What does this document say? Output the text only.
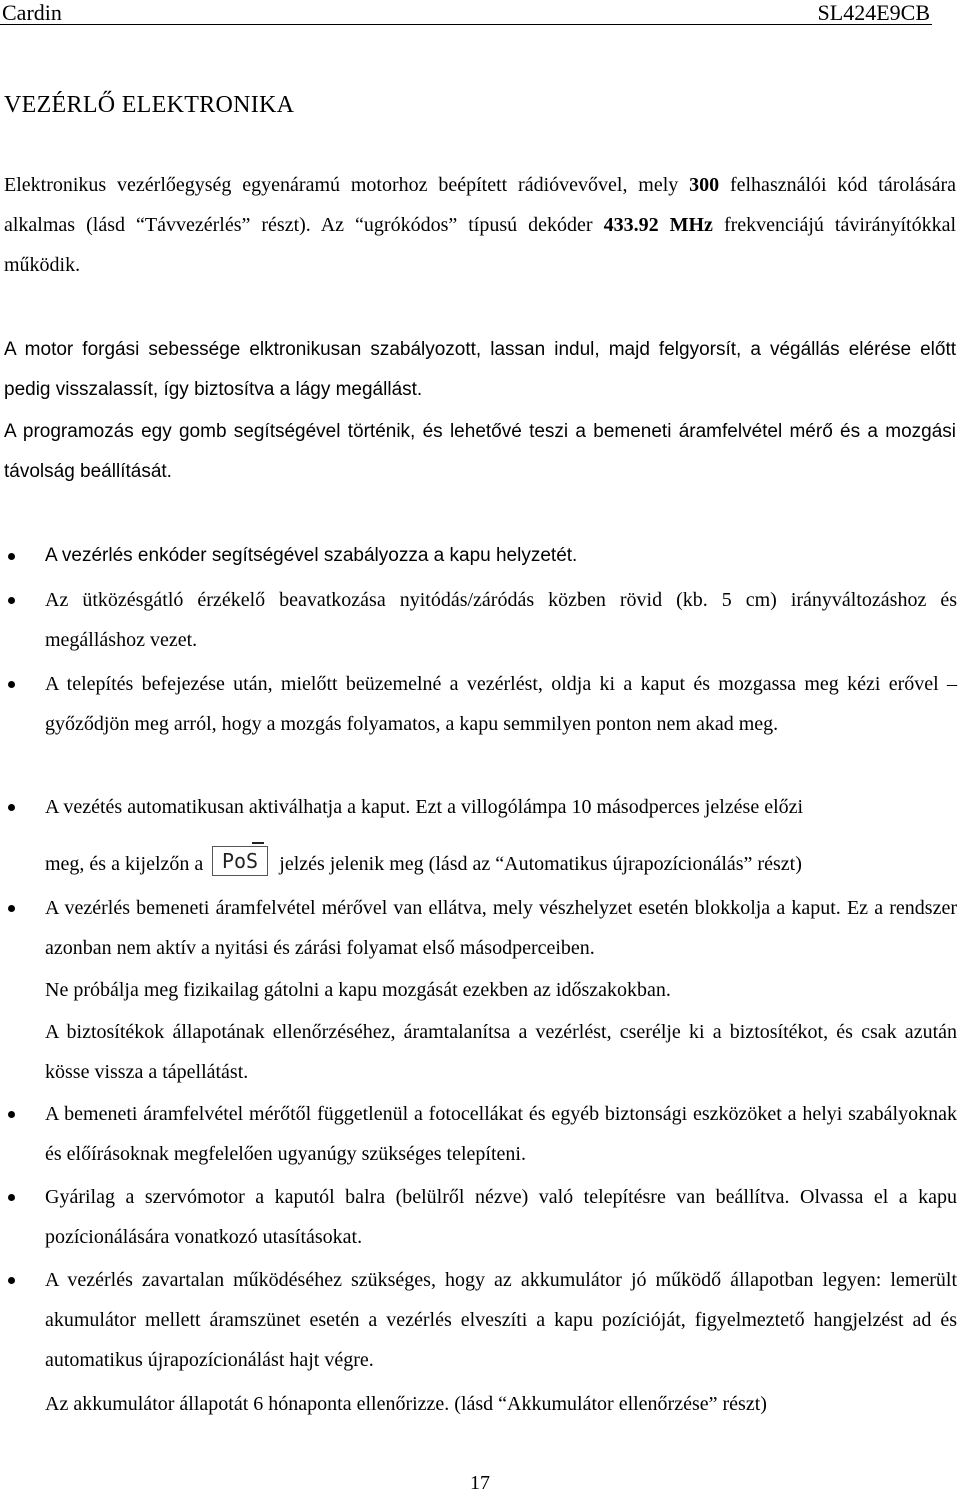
Cardin	SL424E9CB
VEZÉRLŐ ELEKTRONIKA

Elektronikus vezérlőegység egyenáramú motorhoz beépített rádióvevővel, mely 300 felhasználói kód tárolására alkalmas (lásd “Távvezérlés” részt). Az “ugrókódos” típusú dekóder 433.92 MHz frekvenciájú távirányítókkal működik.

A motor forgási sebessége elktronikusan szabályozott, lassan indul, majd felgyorsít, a végállás elérése előtt pedig visszalassít, így biztosítva a lágy megállást.

A programozás egy gomb segítségével történik, és lehetővé teszi a bemeneti áramfelvétel mérő és a mozgási távolság beállítását.

A vezérlés enkóder segítségével szabályozza a kapu helyzetét.
Az ütközésgátló érzékelő beavatkozása nyitódás/záródás közben rövid (kb. 5 cm) irányváltozáshoz és megálláshoz vezet.
A telepítés befejezése után, mielőtt beüzemelné a vezérlést, oldja ki a kaput és mozgassa meg kézi erővel – győződjön meg arról, hogy a mozgás folyamatos, a kapu semmilyen ponton nem akad meg.
A vezétés automatikusan aktiválhatja a kaput. Ezt a villogólámpa 10 másodperces jelzése előzi
meg, és a kijelzőn a PoS jelzés jelenik meg (lásd az “Automatikus újrapozícionálás” részt)
A vezérlés bemeneti áramfelvétel mérővel van ellátva, mely vészhelyzet esetén blokkolja a kaput. Ez a rendszer azonban nem aktív a nyitási és zárási folyamat első másodperceiben.
Ne próbálja meg fizikailag gátolni a kapu mozgását ezekben az időszakokban.
A biztosítékok állapotának ellenőrzéséhez, áramtalanítsa a vezérlést, cserélje ki a biztosítékot, és csak azután kösse vissza a tápellátást.
A bemeneti áramfelvétel mérőtől függetlenül a fotocellákat és egyéb biztonsági eszközöket a helyi szabályoknak és előírásoknak megfelelően ugyanúgy szükséges telepíteni.
Gyárilag a szervómotor a kaputól balra (belülről nézve) való telepítésre van beállítva. Olvassa el a kapu pozícionálására vonatkozó utasításokat.
A vezérlés zavartalan működéséhez szükséges, hogy az akkumulátor jó működő állapotban legyen: lemerült akumulátor mellett áramszünet esetén a vezérlés elveszíti a kapu pozícióját, figyelmeztető hangjelzést ad és automatikus újrapozícionálást hajt végre.
Az akkumulátor állapotát 6 hónaponta ellenőrizze. (lásd “Akkumulátor ellenőrzése” részt)
17
